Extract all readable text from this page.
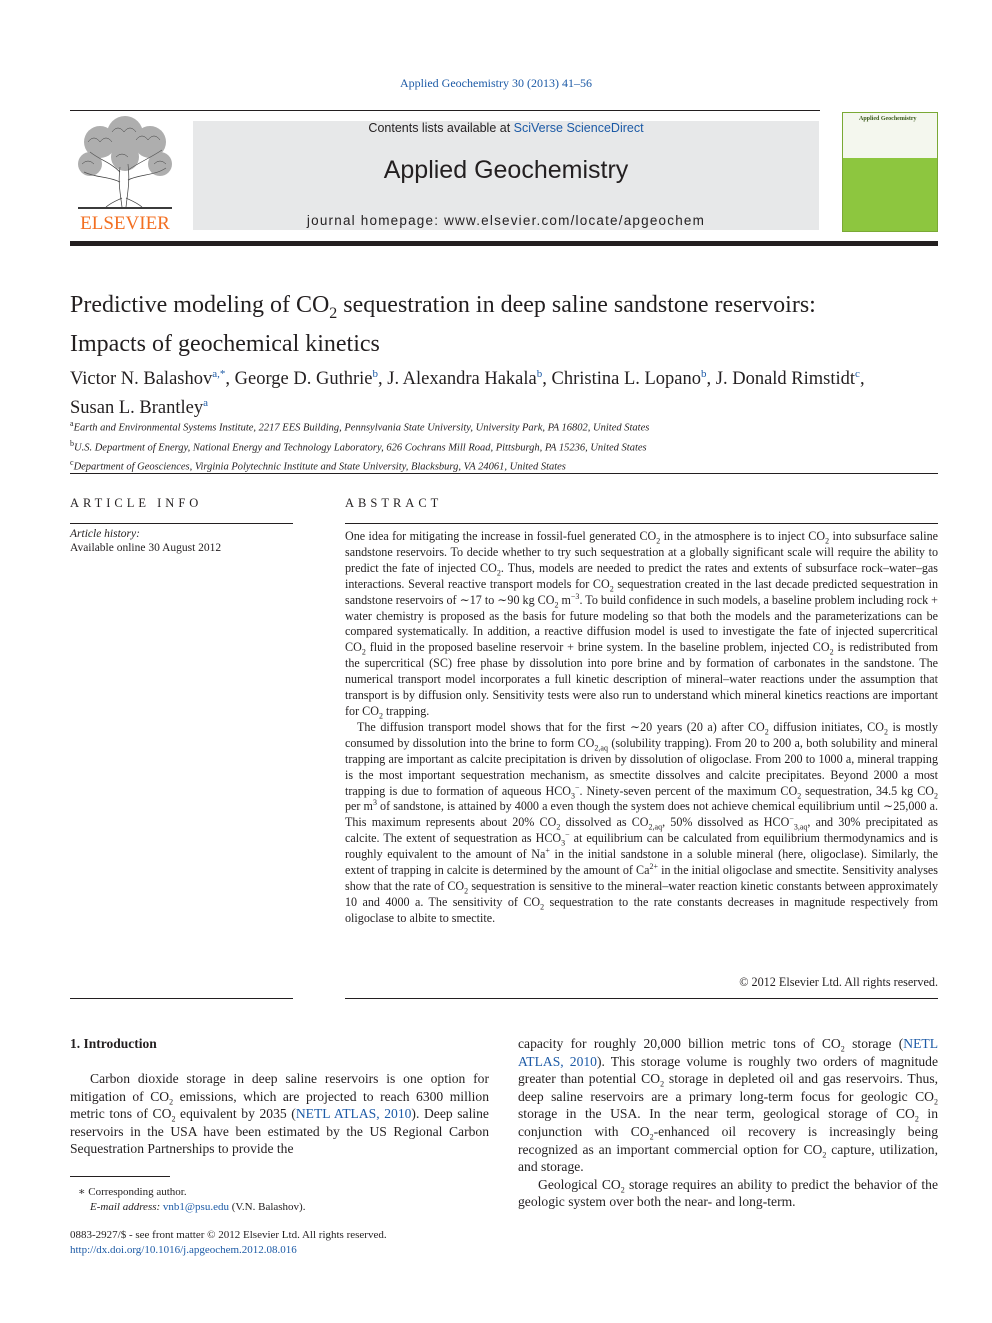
Applied Geochemistry 30 (2013) 41–56
ELSEVIER
Contents lists available at SciVerse ScienceDirect
Applied Geochemistry
journal homepage: www.elsevier.com/locate/apgeochem
Applied Geochemistry
Predictive modeling of $CO_2$ sequestration in deep saline sandstone reservoirs:
Impacts of geochemical kinetics
Victor N. Balashov$^{a,*}$, George D. Guthrie$^b$, J. Alexandra Hakala$^b$, Christina L. Lopano$^b$, J. Donald Rimstidt$^c$,
Susan L. Brantley$^a$
$^a$Earth and Environmental Systems Institute, 2217 EES Building, Pennsylvania State University, University Park, PA 16802, United States
$^b$U.S. Department of Energy, National Energy and Technology Laboratory, 626 Cochrans Mill Road, Pittsburgh, PA 15236, United States
$^c$Department of Geosciences, Virginia Polytechnic Institute and State University, Blacksburg, VA 24061, United States
ARTICLE INFO
Article history:
Available online 30 August 2012
ABSTRACT

One idea for mitigating the increase in fossil-fuel generated $CO_2$ in the atmosphere is to inject $CO_2$ into subsurface saline sandstone reservoirs. To decide whether to try such sequestration at a globally significant scale will require the ability to predict the fate of injected $CO_2$. Thus, models are needed to predict the rates and extents of subsurface rock–water–gas interactions. Several reactive transport models for $CO_2$ sequestration created in the last decade predicted sequestration in sandstone reservoirs of ∼17 to ∼90 kg $CO_2$ $m^{-3}$. To build confidence in such models, a baseline problem including rock + water chemistry is proposed as the basis for future modeling so that both the models and the parameterizations can be compared systematically. In addition, a reactive diffusion model is used to investigate the fate of injected supercritical $CO_2$ fluid in the proposed baseline reservoir + brine system. In the baseline problem, injected $CO_2$ is redistributed from the supercritical (SC) free phase by dissolution into pore brine and by formation of carbonates in the sandstone. The numerical transport model incorporates a full kinetic description of mineral–water reactions under the assumption that transport is by diffusion only. Sensitivity tests were also run to understand which mineral kinetics reactions are important for $CO_2$ trapping.

The diffusion transport model shows that for the first ∼20 years (20 a) after $CO_2$ diffusion initiates, $CO_2$ is mostly consumed by dissolution into the brine to form $CO_{2,aq}$ (solubility trapping). From 20 to 200 a, both solubility and mineral trapping are important as calcite precipitation is driven by dissolution of oligoclase. From 200 to 1000 a, mineral trapping is the most important sequestration mechanism, as smectite dissolves and calcite precipitates. Beyond 2000 a most trapping is due to formation of aqueous $HCO_3^-$. Ninety-seven percent of the maximum $CO_2$ sequestration, 34.5 kg $CO_2$ per $m^3$ of sandstone, is attained by 4000 a even though the system does not achieve chemical equilibrium until ∼25,000 a. This maximum represents about 20% $CO_2$ dissolved as $CO_{2,aq}$, 50% dissolved as $HCO^-_{3,aq}$, and 30% precipitated as calcite. The extent of sequestration as $HCO_3^-$ at equilibrium can be calculated from equilibrium thermodynamics and is roughly equivalent to the amount of Na+ in the initial sandstone in a soluble mineral (here, oligoclase). Similarly, the extent of trapping in calcite is determined by the amount of $Ca^{2+}$ in the initial oligoclase and smectite. Sensitivity analyses show that the rate of $CO_2$ sequestration is sensitive to the mineral–water reaction kinetic constants between approximately 10 and 4000 a. The sensitivity of $CO_2$ sequestration to the rate constants decreases in magnitude respectively from oligoclase to albite to smectite.

© 2012 Elsevier Ltd. All rights reserved.
1. Introduction

Carbon dioxide storage in deep saline reservoirs is one option for mitigation of $CO_2$ emissions, which are projected to reach 6300 million metric tons of $CO_2$ equivalent by 2035 (NETL ATLAS, 2010). Deep saline reservoirs in the USA have been estimated by the US Regional Carbon Sequestration Partnerships to provide the

capacity for roughly 20,000 billion metric tons of $CO_2$ storage (NETL ATLAS, 2010). This storage volume is roughly two orders of magnitude greater than potential $CO_2$ storage in depleted oil and gas reservoirs. Thus, deep saline reservoirs are a primary long-term focus for geologic $CO_2$ storage in the USA. In the near term, geological storage of $CO_2$ in conjunction with $CO_2$-enhanced oil recovery is increasingly being recognized as an important commercial option for $CO_2$ capture, utilization, and storage.

Geological $CO_2$ storage requires an ability to predict the behavior of the geologic system over both the near- and long-term.

∗ Corresponding author.
E-mail address: vnb1@psu.edu (V.N. Balashov).
0883-2927/$ - see front matter © 2012 Elsevier Ltd. All rights reserved.
http://dx.doi.org/10.1016/j.apgeochem.2012.08.016
